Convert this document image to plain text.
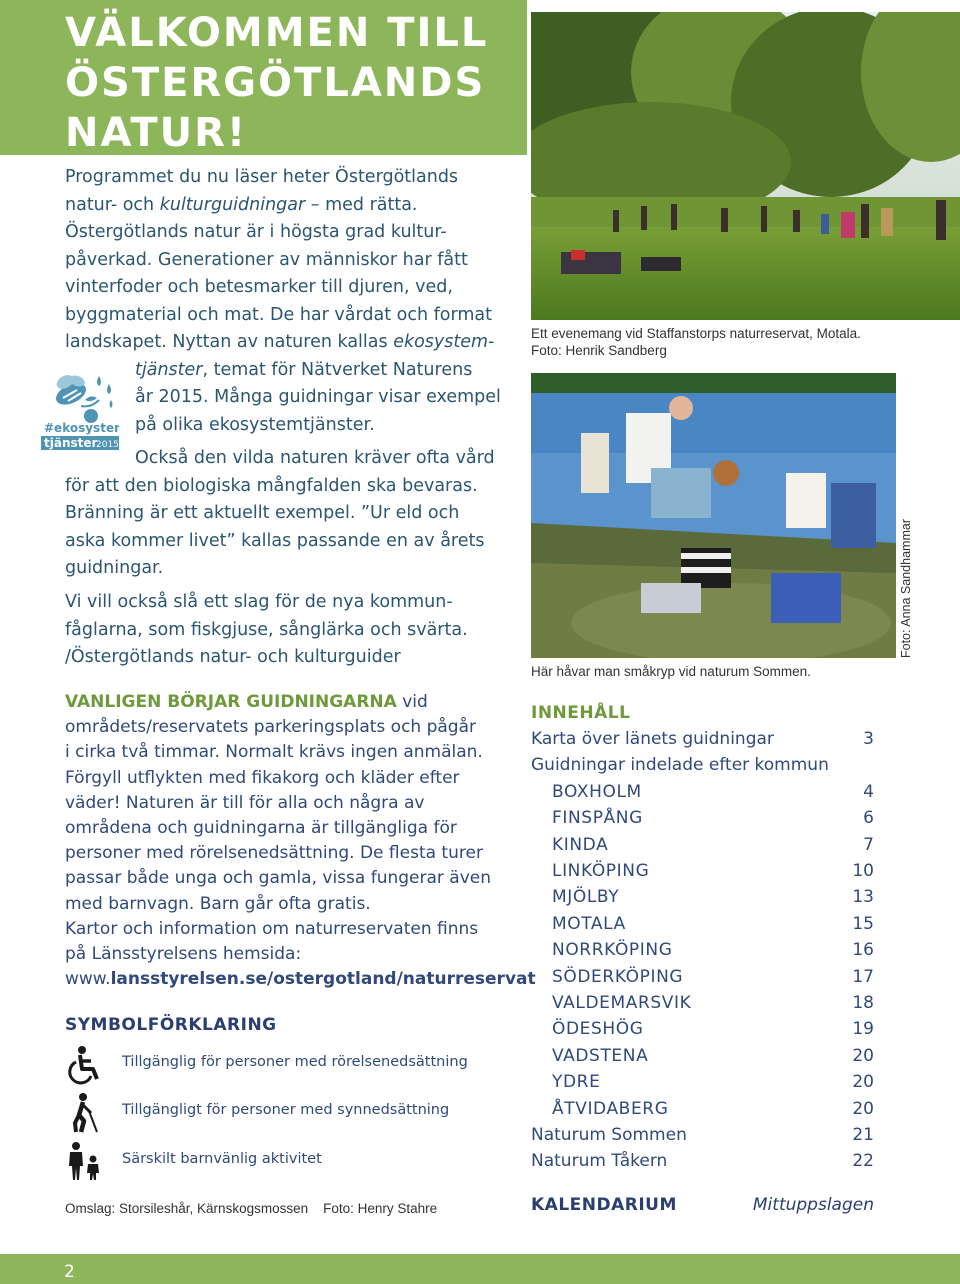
VÄLKOMMEN TILL
ÖSTERGÖTLANDS
NATUR!
Programmet du nu läser heter Östergötlands
natur- och kulturguidningar – med rätta.
Östergötlands natur är i högsta grad kultur-
påverkad. Generationer av människor har fått
vinterfoder och betesmarker till djuren, ved,
byggmaterial och mat. De har vårdat och format
landskapet. Nyttan av naturen kallas ekosystem-
tjänster, temat för Nätverket Naturens
år 2015. Många guidningar visar exempel
på olika ekosystemtjänster.
Också den vilda naturen kräver ofta vård
för att den biologiska mångfalden ska bevaras.
Bränning är ett aktuellt exempel. ”Ur eld och
aska kommer livet” kallas passande en av årets
guidningar.
Vi vill också slå ett slag för de nya kommun-
fåglarna, som fiskgjuse, sånglärka och svärta.
/Östergötlands natur- och kulturguider
#ekosystem
tjänster
2015
Ett evenemang vid Staffanstorps naturreservat, Motala.
Foto: Henrik Sandberg
Här håvar man småkryp vid naturum Sommen.
Foto: Anna Sandhammar
VANLIGEN BÖRJAR GUIDNINGARNA vid
områdets/reservatets parkeringsplats och pågår
i cirka två timmar. Normalt krävs ingen anmälan.
Förgyll utflykten med fikakorg och kläder efter
väder! Naturen är till för alla och några av
områdena och guidningarna är tillgängliga för
personer med rörelsenedsättning. De flesta turer
passar både unga och gamla, vissa fungerar även
med barnvagn. Barn går ofta gratis.
Kartor och information om naturreservaten finns
på Länsstyrelsens hemsida:
www.lansstyrelsen.se/ostergotland/naturreservat
SYMBOLFÖRKLARING
Tillgänglig för personer med rörelsenedsättning
Tillgängligt för personer med synnedsättning
Särskilt barnvänlig aktivitet
Omslag: Storsileshår, Kärnskogsmossen    Foto: Henry Stahre
INNEHÅLL
Karta över länets guidningar	3
Guidningar indelade efter kommun
BOXHOLM	4
FINSPÅNG	6
KINDA	7
LINKÖPING	10
MJÖLBY	13
MOTALA	15
NORRKÖPING	16
SÖDERKÖPING	17
VALDEMARSVIK	18
ÖDESHÖG	19
VADSTENA	20
YDRE	20
ÅTVIDABERG	20
Naturum Sommen	21
Naturum Tåkern	22
KALENDARIUM	Mittuppslagen
2
